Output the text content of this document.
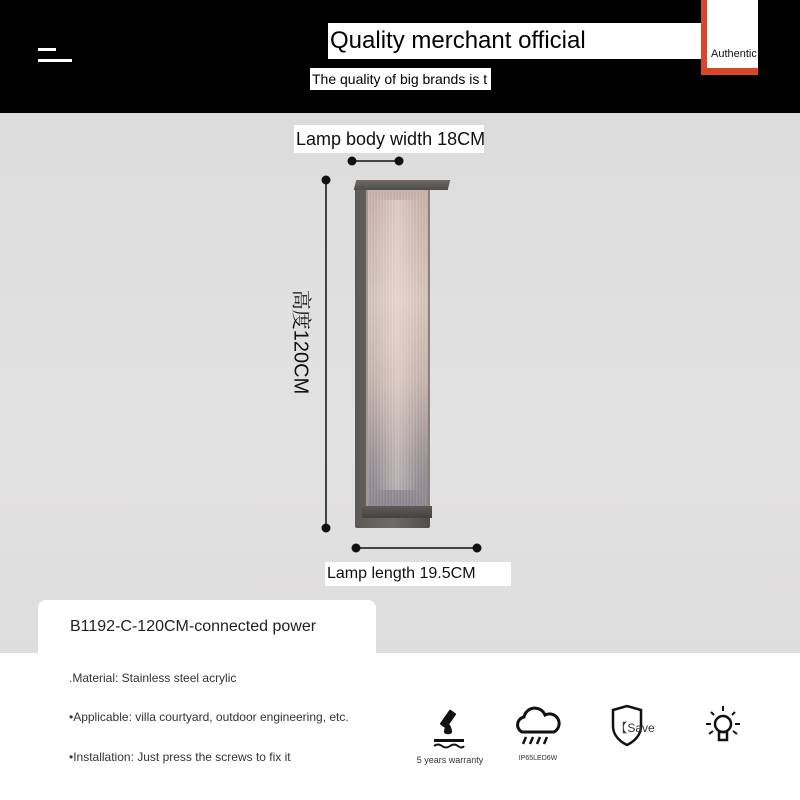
Quality merchant official
The quality of big brands is t
Authentic
Lamp body width 18CM
高度120CM
Lamp length 19.5CM
B1192-C-120CM-connected power
.Material: Stainless steel acrylic
•Applicable: villa courtyard, outdoor engineering, etc.
•Installation: Just press the screws to fix it	5 years warranty	IP65LED6W
【Save
